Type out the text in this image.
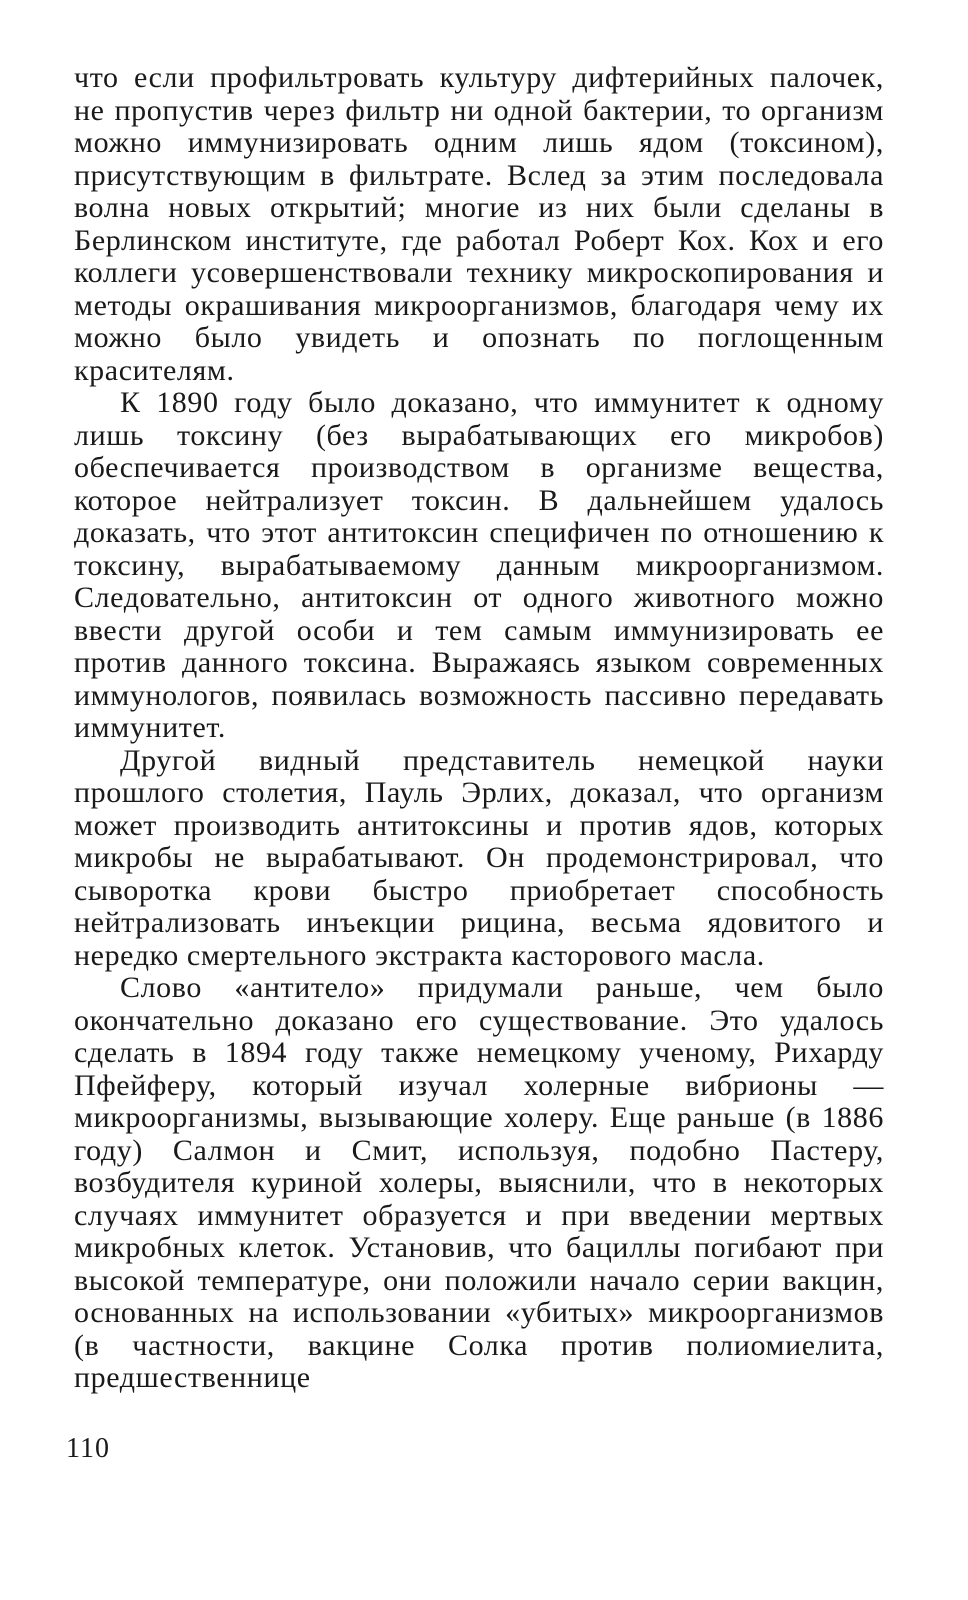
что если профильтровать культуру дифтерийных палочек, не пропустив через фильтр ни одной бактерии, то организм можно иммунизировать одним лишь ядом (токсином), присутствующим в фильтрате. Вслед за этим последовала волна новых открытий; многие из них были сделаны в Берлинском институте, где работал Роберт Кох. Кох и его коллеги усовершенствовали технику микроскопирования и методы окрашивания микроорганизмов, благодаря чему их можно было увидеть и опознать по поглощенным красителям.

К 1890 году было доказано, что иммунитет к одному лишь токсину (без вырабатывающих его микробов) обеспечивается производством в организме вещества, которое нейтрализует токсин. В дальнейшем удалось доказать, что этот антитоксин специфичен по отношению к токсину, вырабатываемому данным микроорганизмом. Следовательно, антитоксин от одного животного можно ввести другой особи и тем самым иммунизировать ее против данного токсина. Выражаясь языком современных иммунологов, появилась возможность пассивно передавать иммунитет.

Другой видный представитель немецкой науки прошлого столетия, Пауль Эрлих, доказал, что организм может производить антитоксины и против ядов, которых микробы не вырабатывают. Он продемонстрировал, что сыворотка крови быстро приобретает способность нейтрализовать инъекции рицина, весьма ядовитого и нередко смертельного экстракта касторового масла.

Слово «антитело» придумали раньше, чем было окончательно доказано его существование. Это удалось сделать в 1894 году также немецкому ученому, Рихарду Пфейферу, который изучал холерные вибрионы — микроорганизмы, вызывающие холеру. Еще раньше (в 1886 году) Салмон и Смит, используя, подобно Пастеру, возбудителя куриной холеры, выяснили, что в некоторых случаях иммунитет образуется и при введении мертвых микробных клеток. Установив, что бациллы погибают при высокой температуре, они положили начало серии вакцин, основанных на использовании «убитых» микроорганизмов (в частности, вакцине Солка против полиомиелита, предшественнице

110
